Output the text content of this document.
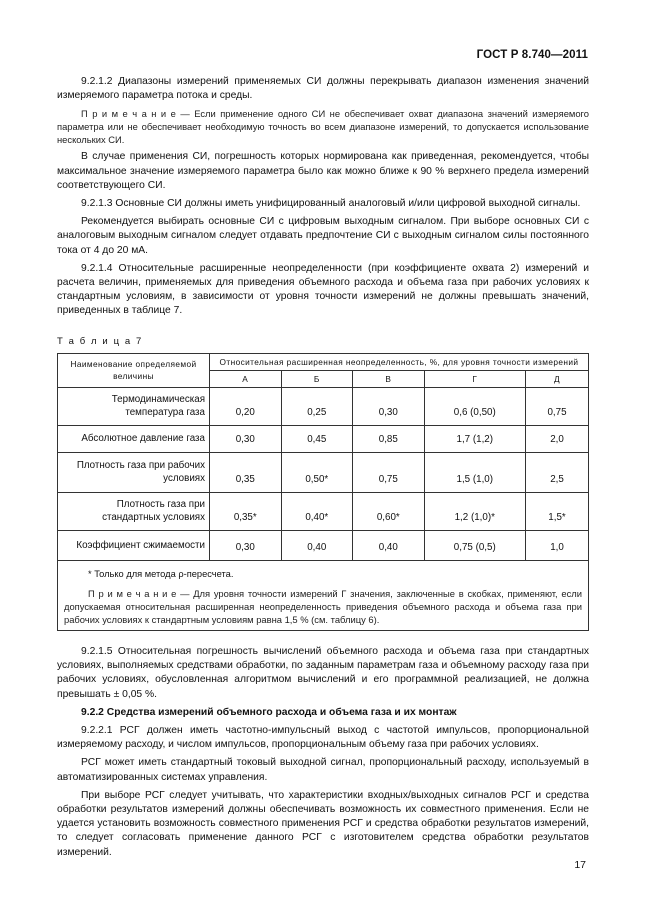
ГОСТ Р 8.740—2011

9.2.1.2 Диапазоны измерений применяемых СИ должны перекрывать диапазон изменения значений измеряемого параметра потока и среды.

П р и м е ч а н и е — Если применение одного СИ не обеспечивает охват диапазона значений измеряемого параметра или не обеспечивает необходимую точность во всем диапазоне измерений, то допускается использование нескольких СИ.

В случае применения СИ, погрешность которых нормирована как приведенная, рекомендуется, чтобы максимальное значение измеряемого параметра было как можно ближе к 90 % верхнего предела измерений соответствующего СИ.

9.2.1.3 Основные СИ должны иметь унифицированный аналоговый и/или цифровой выходной сигналы.

Рекомендуется выбирать основные СИ с цифровым выходным сигналом. При выборе основных СИ с аналоговым выходным сигналом следует отдавать предпочтение СИ с выходным сигналом силы постоянного тока от 4 до 20 мА.

9.2.1.4 Относительные расширенные неопределенности (при коэффициенте охвата 2) измерений и расчета величин, применяемых для приведения объемного расхода и объема газа при рабочих условиях к стандартным условиям, в зависимости от уровня точности измерений не должны превышать значений, приведенных в таблице 7.

Т а б л и ц а 7

Наименование определяемой величины	Относительная расширенная неопределенность, %, для уровня точности измерений				
	А	Б	В	Г	Д
Термодинамическая температура газа	0,20	0,25	0,30	0,6 (0,50)	0,75
Абсолютное давление газа	0,30	0,45	0,85	1,7 (1,2)	2,0
Плотность газа при рабочих условиях	0,35	0,50*	0,75	1,5 (1,0)	2,5
Плотность газа при стандартных условиях	0,35*	0,40*	0,60*	1,2 (1,0)*	1,5*
Коэффициент сжимаемости	0,30	0,40	0,40	0,75 (0,5)	1,0

* Только для метода ρ-пересчета.

П р и м е ч а н и е — Для уровня точности измерений Г значения, заключенные в скобках, применяют, если допускаемая относительная расширенная неопределенность приведения объемного расхода и объема газа при рабочих условиях к стандартным условиям равна 1,5 % (см. таблицу 6).					

9.2.1.5 Относительная погрешность вычислений объемного расхода и объема газа при стандартных условиях, выполняемых средствами обработки, по заданным параметрам газа и объемному расходу газа при рабочих условиях, обусловленная алгоритмом вычислений и его программной реализацией, не должна превышать ± 0,05 %.

9.2.2 Средства измерений объемного расхода и объема газа и их монтаж

9.2.2.1 РСГ должен иметь частотно-импульсный выход с частотой импульсов, пропорциональной измеряемому расходу, и числом импульсов, пропорциональным объему газа при рабочих условиях.

РСГ может иметь стандартный токовый выходной сигнал, пропорциональный расходу, используемый в автоматизированных системах управления.

При выборе РСГ следует учитывать, что характеристики входных/выходных сигналов РСГ и средства обработки результатов измерений должны обеспечивать возможность их совместного применения. Если не удается установить возможность совместного применения РСГ и средства обработки результатов измерений, то следует согласовать применение данного РСГ с изготовителем средства обработки результатов измерений.

17
